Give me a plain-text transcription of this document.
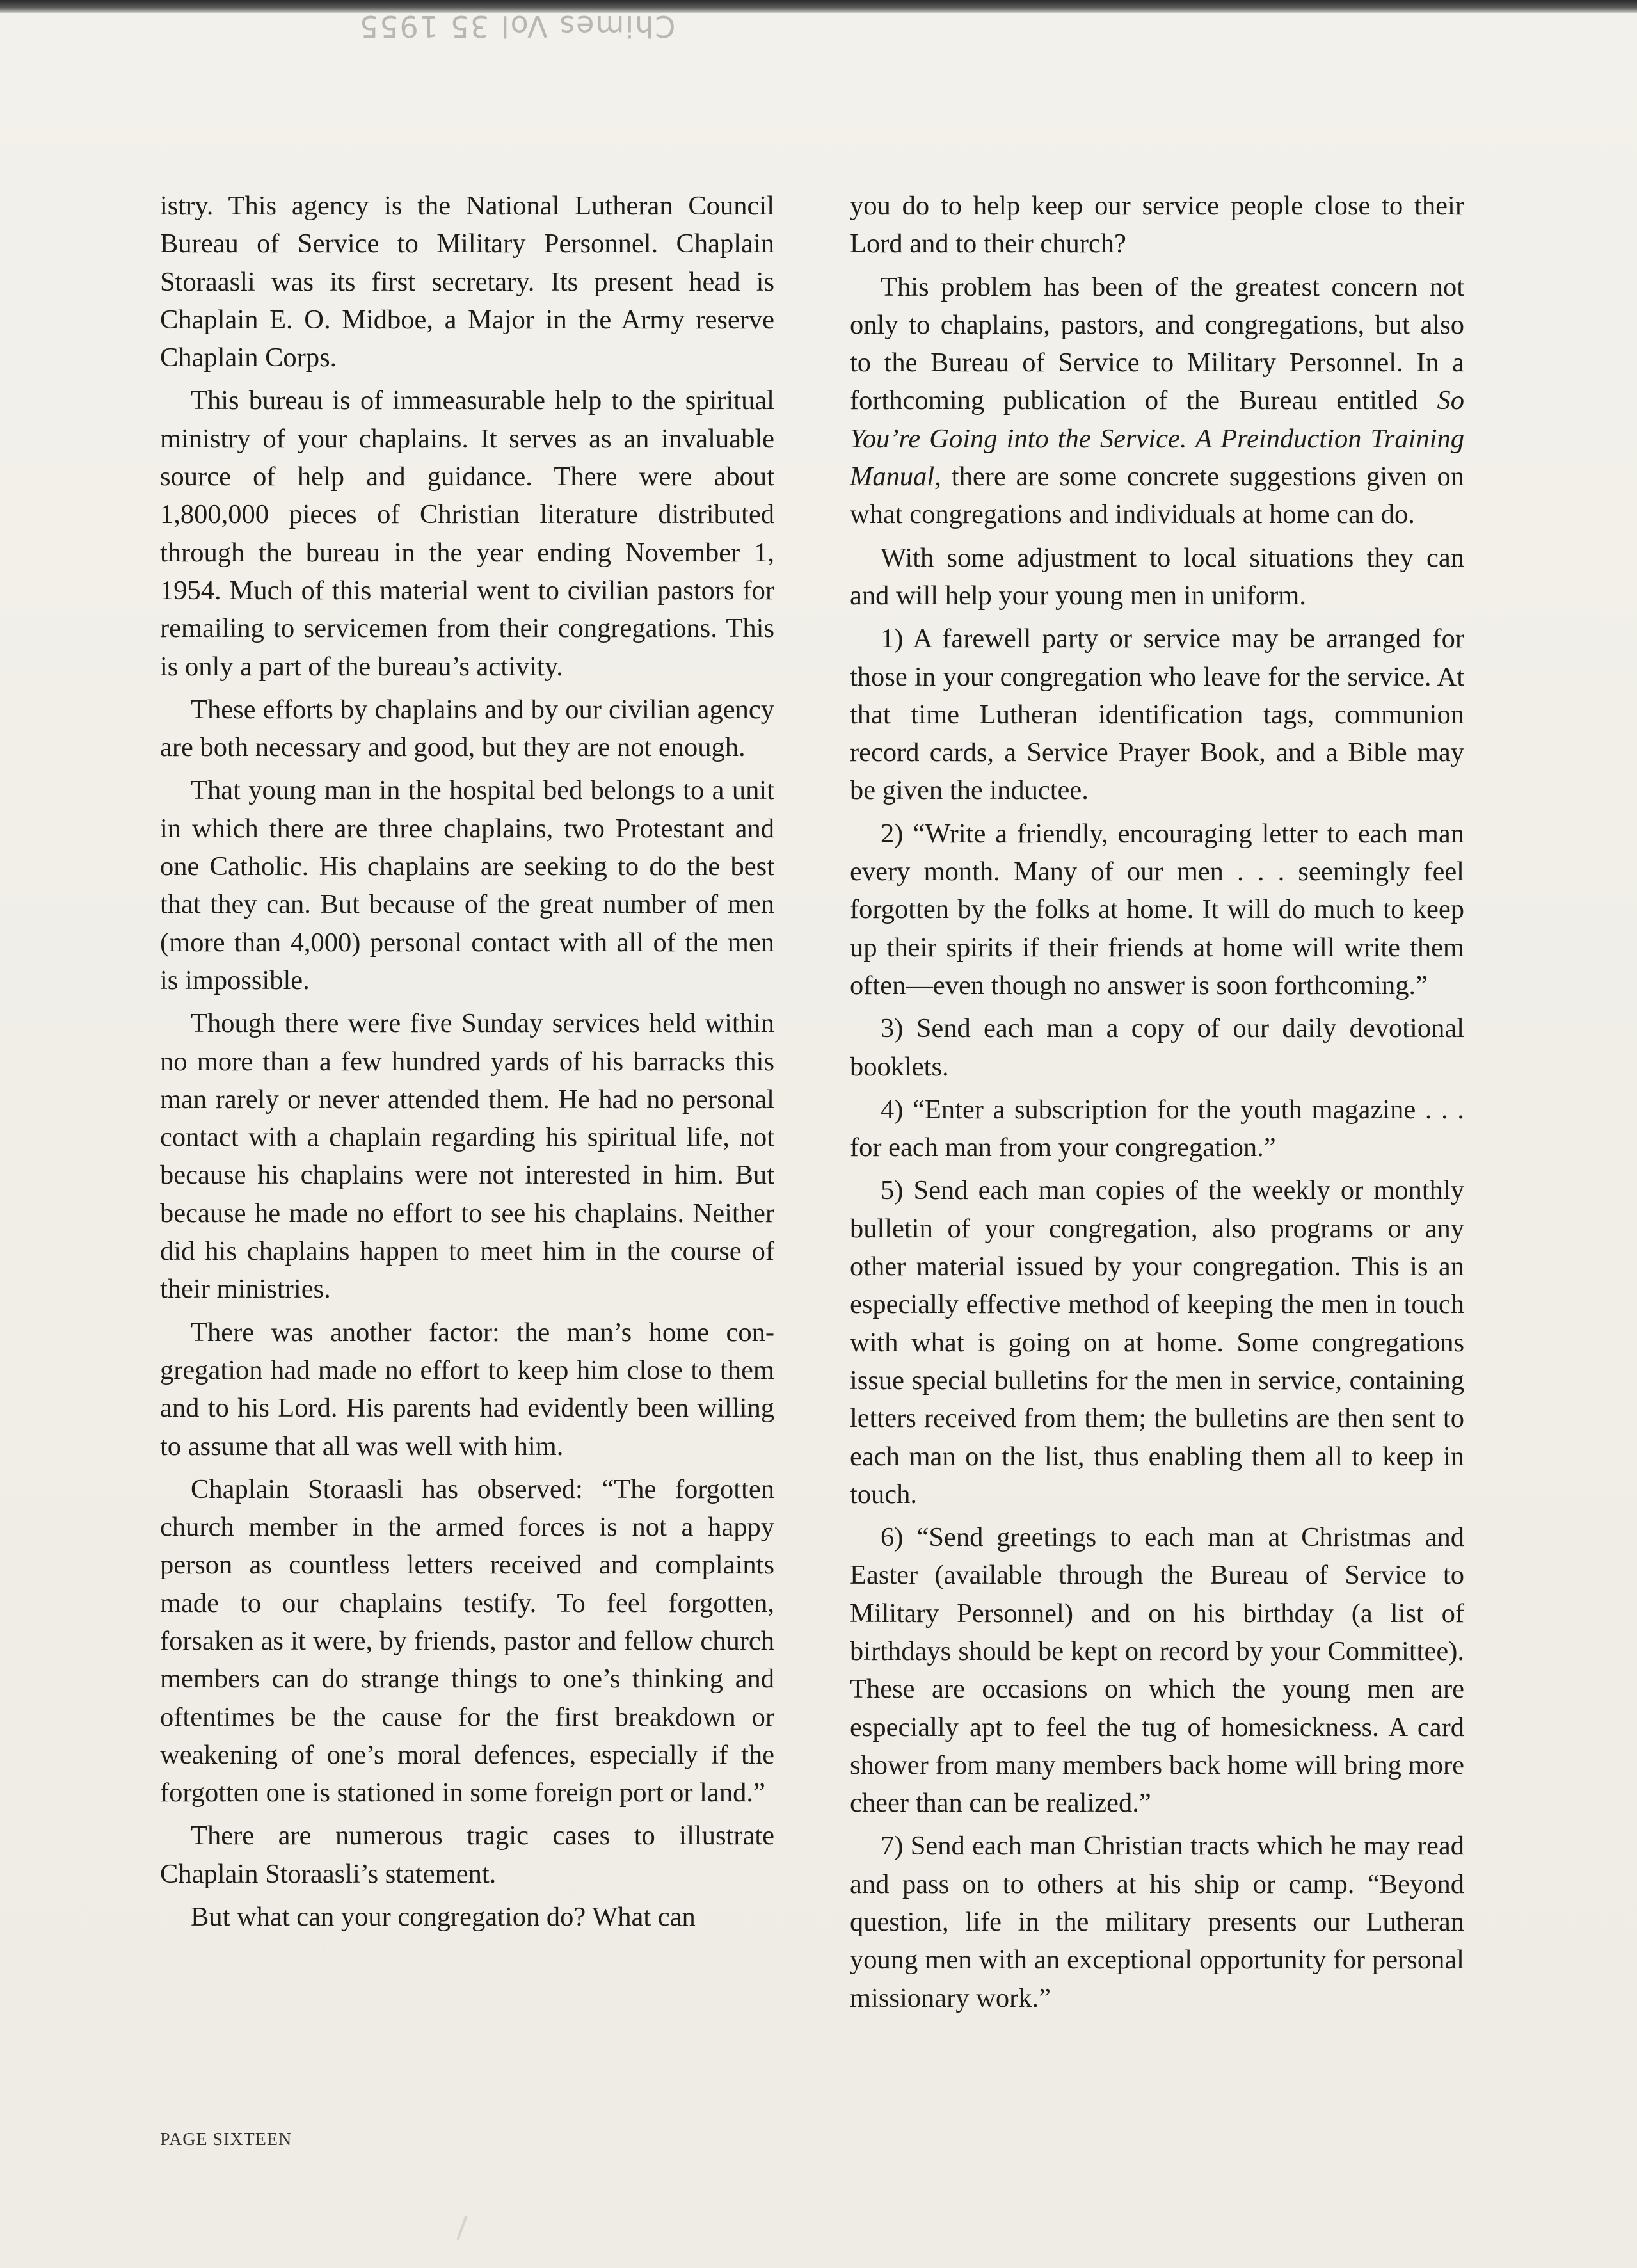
Chimes Vol 35 1955

istry. This agency is the National Lutheran Council Bureau of Service to Military Personnel. Chaplain Storaasli was its first secretary. Its present head is Chaplain E. O. Midboe, a Major in the Army reserve Chaplain Corps.

This bureau is of immeasurable help to the spiritual ministry of your chaplains. It serves as an invaluable source of help and guidance. There were about 1,800,000 pieces of Christian literature distributed through the bureau in the year ending November 1, 1954. Much of this material went to civilian pastors for remailing to servicemen from their congregations. This is only a part of the bureau’s activity.

These efforts by chaplains and by our civilian agency are both necessary and good, but they are not enough.

That young man in the hospital bed belongs to a unit in which there are three chaplains, two Protestant and one Catholic. His chaplains are seeking to do the best that they can. But because of the great number of men (more than 4,000) personal contact with all of the men is impossible.

Though there were five Sunday services held within no more than a few hundred yards of his barracks this man rarely or never attended them. He had no personal contact with a chaplain regarding his spiritual life, not because his chaplains were not interested in him. But because he made no effort to see his chaplains. Neither did his chaplains happen to meet him in the course of their ministries.

There was another factor: the man’s home congregation had made no effort to keep him close to them and to his Lord. His parents had evidently been willing to assume that all was well with him.

Chaplain Storaasli has observed: “The forgotten church member in the armed forces is not a happy person as countless letters received and complaints made to our chaplains testify. To feel forgotten, forsaken as it were, by friends, pastor and fellow church members can do strange things to one’s thinking and oftentimes be the cause for the first breakdown or weakening of one’s moral defences, especially if the forgotten one is stationed in some foreign port or land.”

There are numerous tragic cases to illustrate Chaplain Storaasli’s statement.

But what can your congregation do? What can

you do to help keep our service people close to their Lord and to their church?

This problem has been of the greatest concern not only to chaplains, pastors, and congregations, but also to the Bureau of Service to Military Personnel. In a forthcoming publication of the Bureau entitled So You’re Going into the Service. A Preinduction Training Manual, there are some concrete suggestions given on what congregations and individuals at home can do.

With some adjustment to local situations they can and will help your young men in uniform.

1) A farewell party or service may be arranged for those in your congregation who leave for the service. At that time Lutheran identification tags, communion record cards, a Service Prayer Book, and a Bible may be given the inductee.

2) “Write a friendly, encouraging letter to each man every month. Many of our men . . . seemingly feel forgotten by the folks at home. It will do much to keep up their spirits if their friends at home will write them often—even though no answer is soon forthcoming.”

3) Send each man a copy of our daily devotional booklets.

4) “Enter a subscription for the youth magazine . . . for each man from your congregation.”

5) Send each man copies of the weekly or monthly bulletin of your congregation, also programs or any other material issued by your congregation. This is an especially effective method of keeping the men in touch with what is going on at home. Some congregations issue special bulletins for the men in service, containing letters received from them; the bulletins are then sent to each man on the list, thus enabling them all to keep in touch.

6) “Send greetings to each man at Christmas and Easter (available through the Bureau of Service to Military Personnel) and on his birthday (a list of birthdays should be kept on record by your Committee). These are occasions on which the young men are especially apt to feel the tug of homesickness. A card shower from many members back home will bring more cheer than can be realized.”

7) Send each man Christian tracts which he may read and pass on to others at his ship or camp. “Beyond question, life in the military presents our Lutheran young men with an exceptional opportunity for personal missionary work.”

PAGE SIXTEEN
